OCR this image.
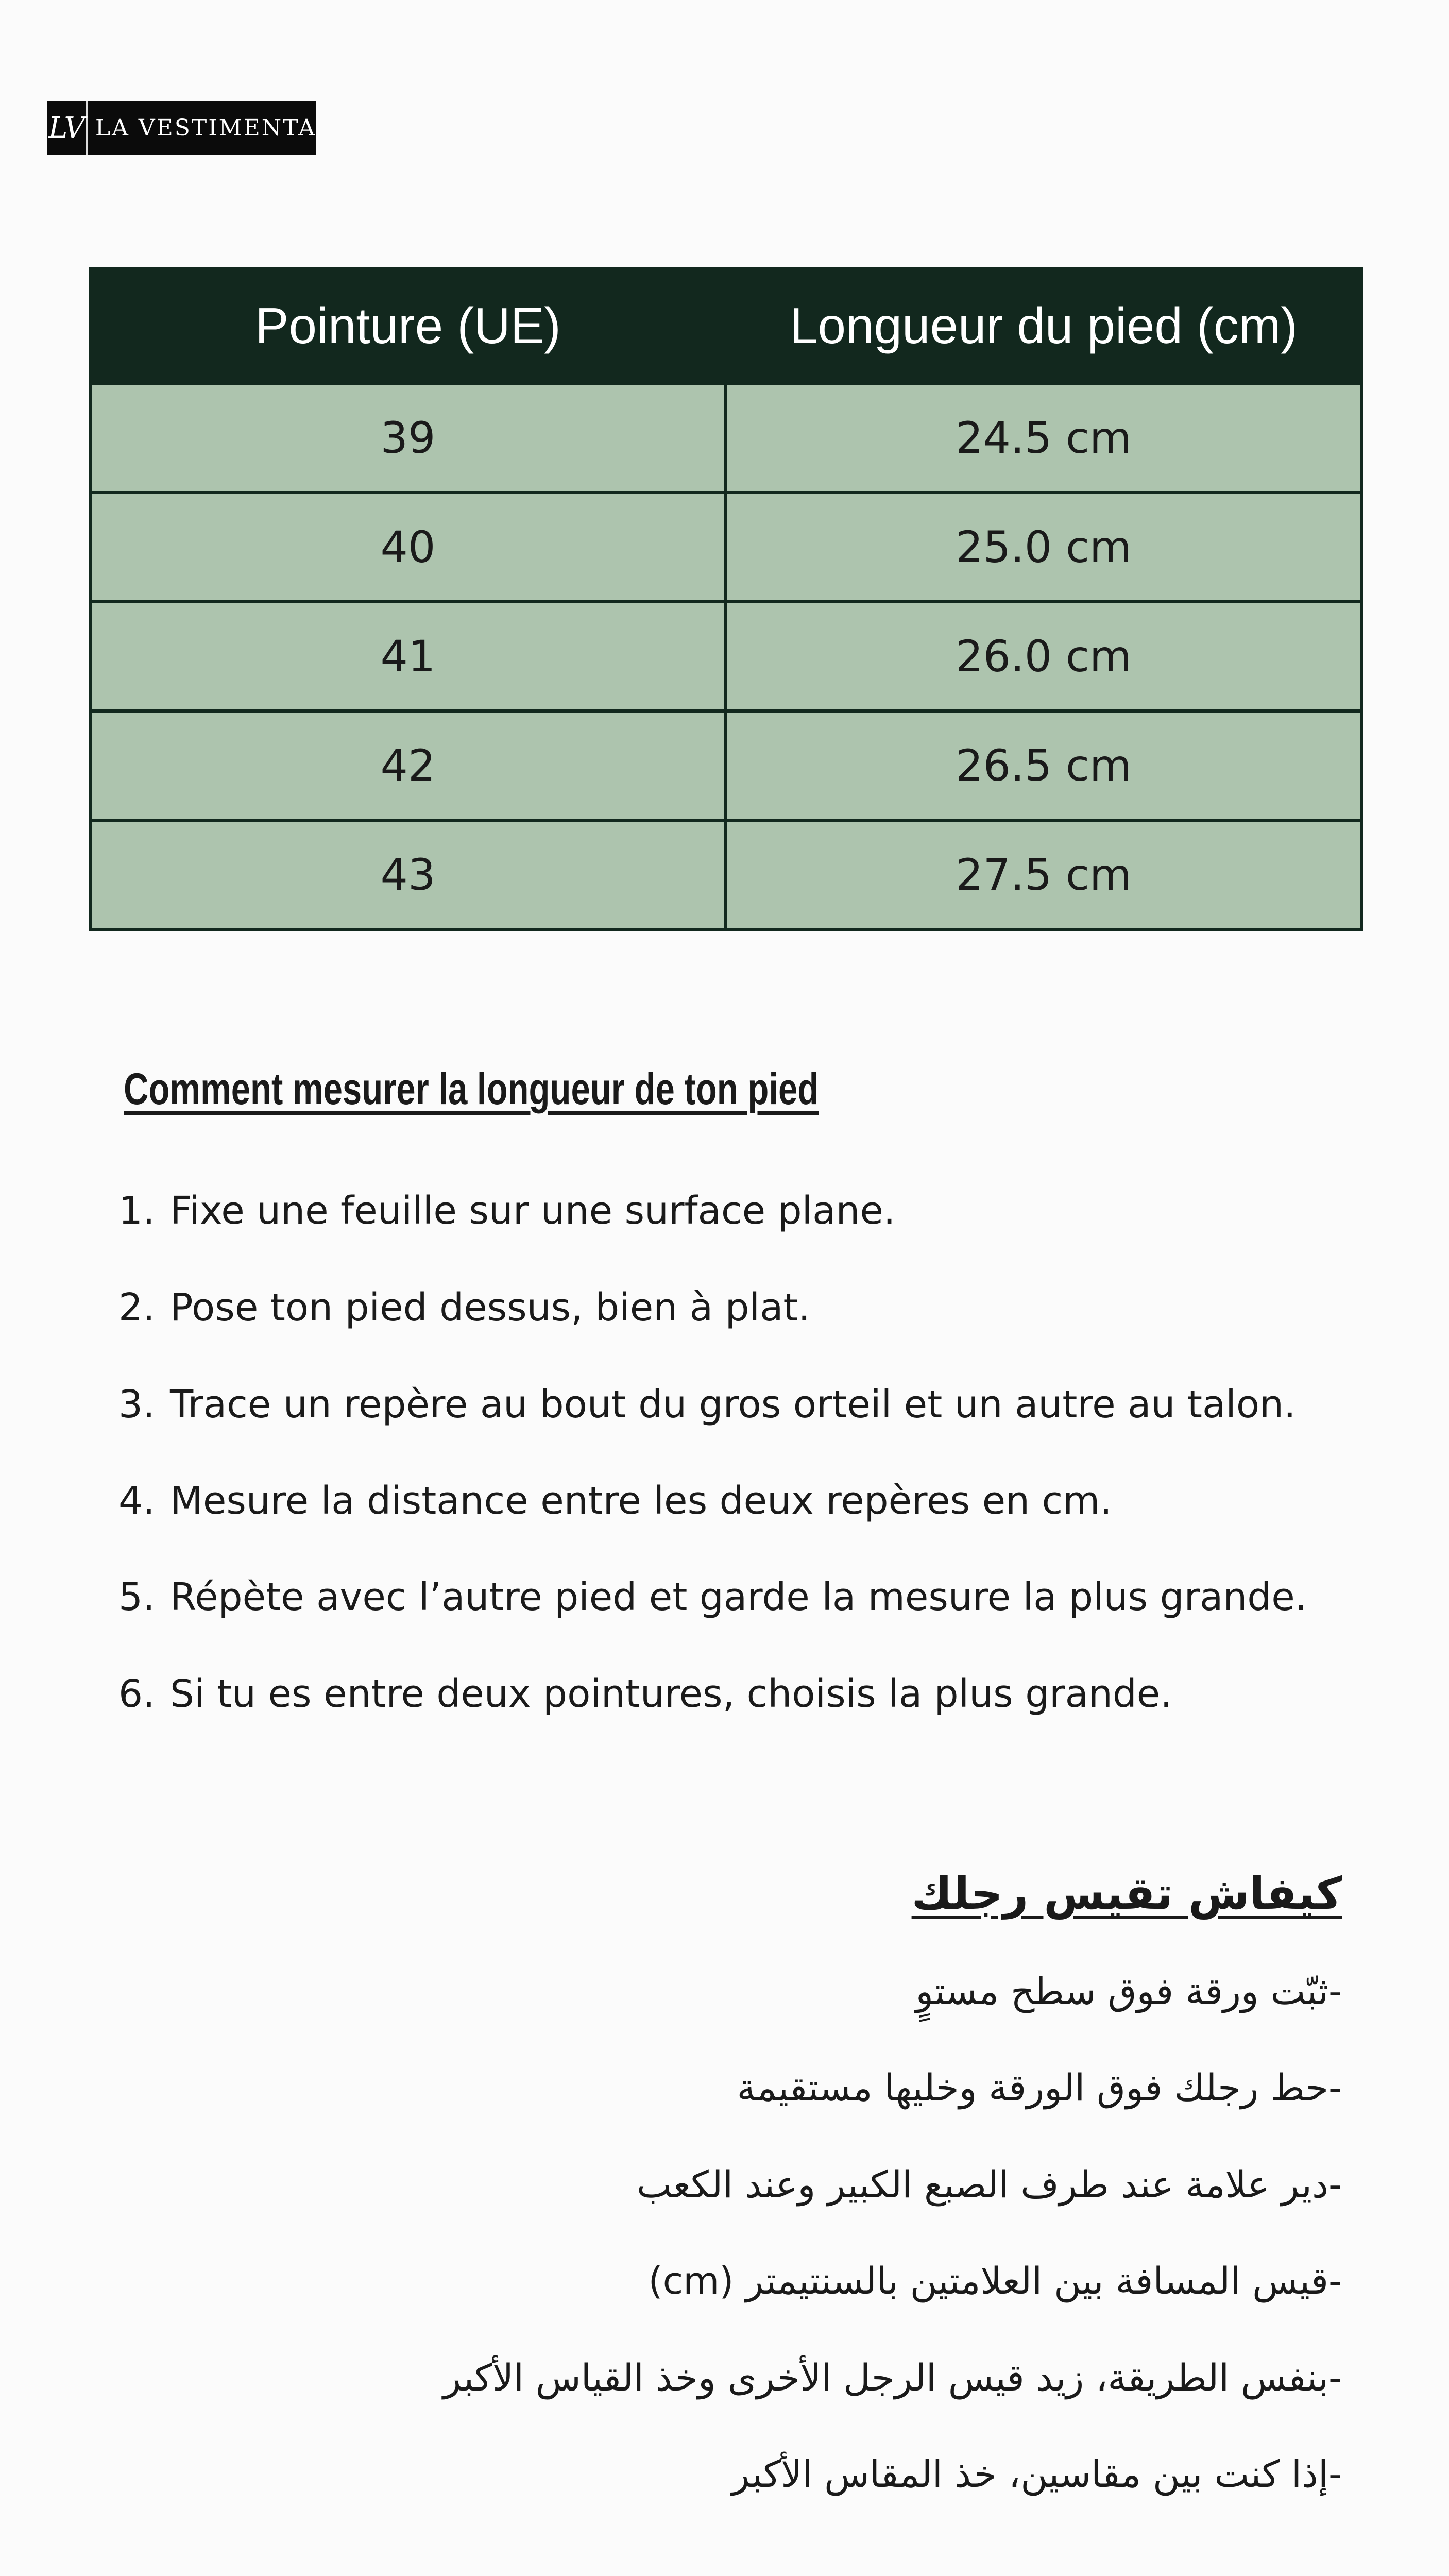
LV LA VESTIMENTA
Pointure (UE)	Longueur du pied (cm)
39	24.5 cm
40	25.0 cm
41	26.0 cm
42	26.5 cm
43	27.5 cm
Comment mesurer la longueur de ton pied
1. Fixe une feuille sur une surface plane.
2. Pose ton pied dessus, bien à plat.
3. Trace un repère au bout du gros orteil et un autre au talon.
4. Mesure la distance entre les deux repères en cm.
5. Répète avec l’autre pied et garde la mesure la plus grande.
6. Si tu es entre deux pointures, choisis la plus grande.
كيفاش تقيس رجلك
-ثبّت ورقة فوق سطح مستوٍ
-حط رجلك فوق الورقة وخليها مستقيمة
-دير علامة عند طرف الصبع الكبير وعند الكعب
-قيس المسافة بين العلامتين بالسنتيمتر (cm)
-بنفس الطريقة، زيد قيس الرجل الأخرى وخذ القياس الأكبر
-إذا كنت بين مقاسين، خذ المقاس الأكبر
